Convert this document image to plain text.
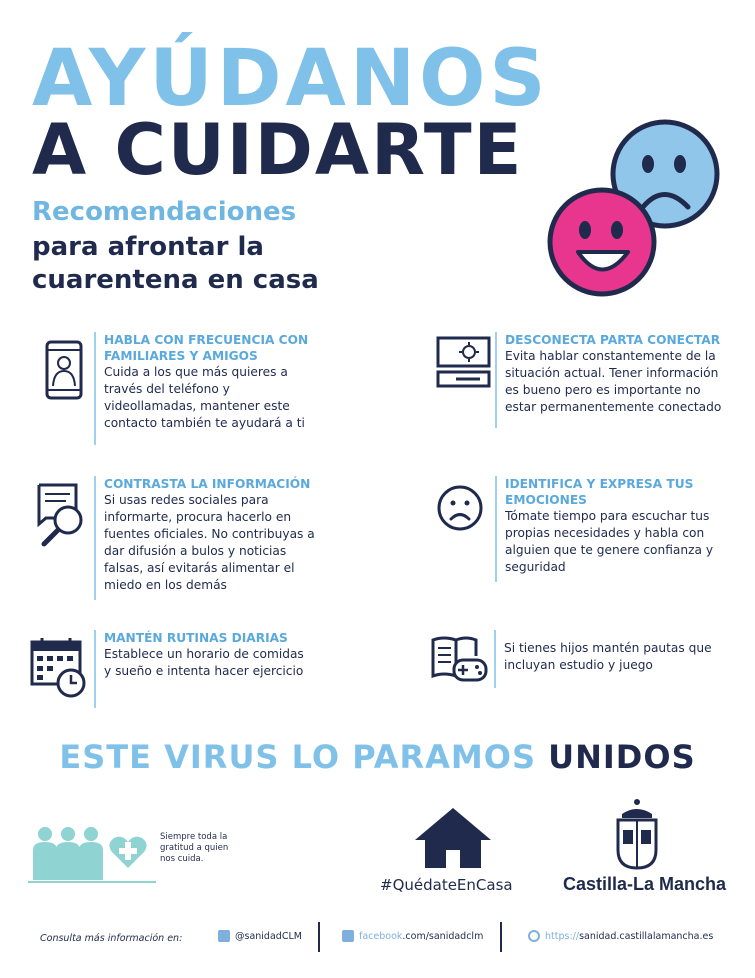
AYÚDANOS
A CUIDARTE
Recomendaciones
para afrontar la cuarentena en casa
HABLA CON FRECUENCIA CON FAMILIARES Y AMIGOS
Cuida a los que más quieres a través del teléfono y videollamadas, mantener este contacto también te ayudará a ti
DESCONECTA PARTA CONECTAR
Evita hablar constantemente de la situación actual. Tener información es bueno pero es importante no estar permanentemente conectado
CONTRASTA LA INFORMACIÓN
Si usas redes sociales para informarte, procura hacerlo en fuentes oficiales. No contribuyas a dar difusión a bulos y noticias falsas, así evitarás alimentar el miedo en los demás
IDENTIFICA Y EXPRESA TUS EMOCIONES
Tómate tiempo para escuchar tus propias necesidades y habla con alguien que te genere confianza y seguridad
MANTÉN RUTINAS DIARIAS
Establece un horario de comidas y sueño e intenta hacer ejercicio
Si tienes hijos mantén pautas que incluyan estudio y juego
ESTE VIRUS LO PARAMOS UNIDOS
Siempre toda la gratitud a quien nos cuida.
#QuédateEnCasa	Castilla-La Mancha
Consulta más información en:	@sanidadCLM	facebook.com/sanidadclm	https://sanidad.castillalamancha.es
